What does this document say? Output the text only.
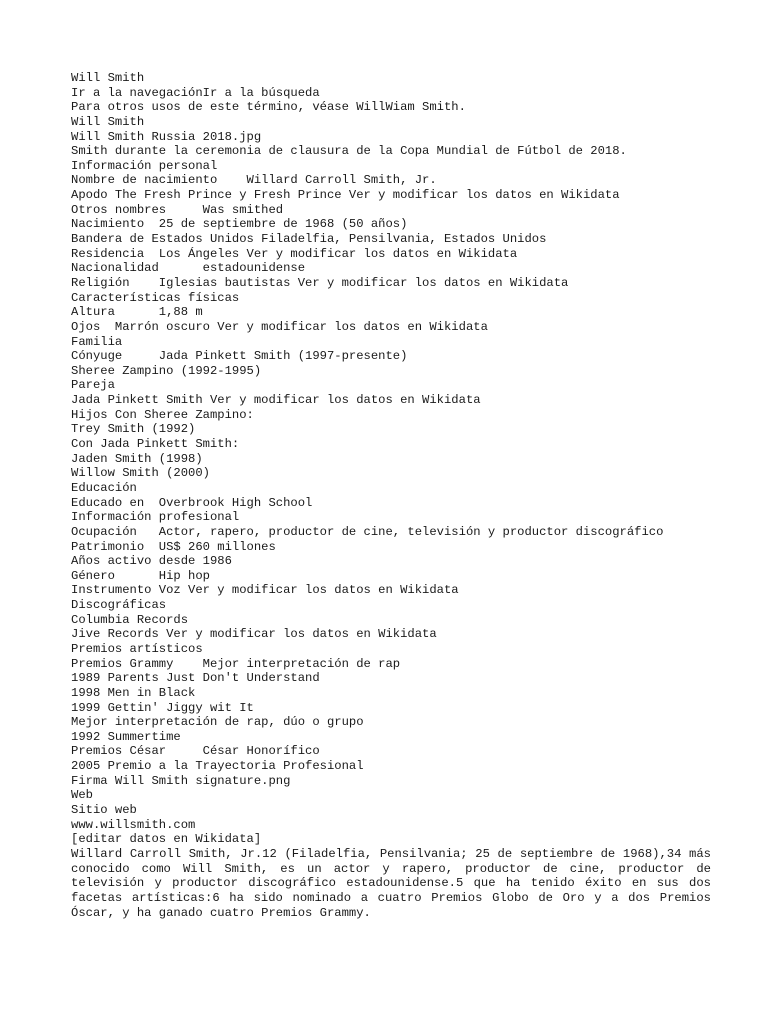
Will Smith
Ir a la navegaciónIr a la búsqueda
Para otros usos de este término, véase WillWiam Smith.
Will Smith
Will Smith Russia 2018.jpg
Smith durante la ceremonia de clausura de la Copa Mundial de Fútbol de 2018.
Información personal
Nombre de nacimiento    Willard Carroll Smith, Jr.
Apodo The Fresh Prince y Fresh Prince Ver y modificar los datos en Wikidata
Otros nombres     Was smithed
Nacimiento  25 de septiembre de 1968 (50 años)
Bandera de Estados Unidos Filadelfia, Pensilvania, Estados Unidos
Residencia  Los Ángeles Ver y modificar los datos en Wikidata
Nacionalidad      estadounidense
Religión    Iglesias bautistas Ver y modificar los datos en Wikidata
Características físicas
Altura      1,88 m
Ojos  Marrón oscuro Ver y modificar los datos en Wikidata
Familia
Cónyuge     Jada Pinkett Smith (1997-presente)
Sheree Zampino (1992-1995)
Pareja
Jada Pinkett Smith Ver y modificar los datos en Wikidata
Hijos Con Sheree Zampino:
Trey Smith (1992)
Con Jada Pinkett Smith:
Jaden Smith (1998)
Willow Smith (2000)
Educación
Educado en  Overbrook High School
Información profesional
Ocupación   Actor, rapero, productor de cine, televisión y productor discográfico
Patrimonio  US$ 260 millones
Años activo desde 1986
Género      Hip hop
Instrumento Voz Ver y modificar los datos en Wikidata
Discográficas
Columbia Records
Jive Records Ver y modificar los datos en Wikidata
Premios artísticos
Premios Grammy    Mejor interpretación de rap
1989 Parents Just Don't Understand
1998 Men in Black
1999 Gettin' Jiggy wit It
Mejor interpretación de rap, dúo o grupo
1992 Summertime
Premios César     César Honorífico
2005 Premio a la Trayectoria Profesional
Firma Will Smith signature.png
Web
Sitio web
www.willsmith.com
[editar datos en Wikidata]

Willard Carroll Smith, Jr.12 (Filadelfia, Pensilvania; 25 de septiembre de 1968),34 más conocido como Will Smith, es un actor y rapero, productor de cine, productor de televisión y productor discográfico estadounidense.5 que ha tenido éxito en sus dos facetas artísticas:6 ha sido nominado a cuatro Premios Globo de Oro y a dos Premios Óscar, y ha ganado cuatro Premios Grammy.
